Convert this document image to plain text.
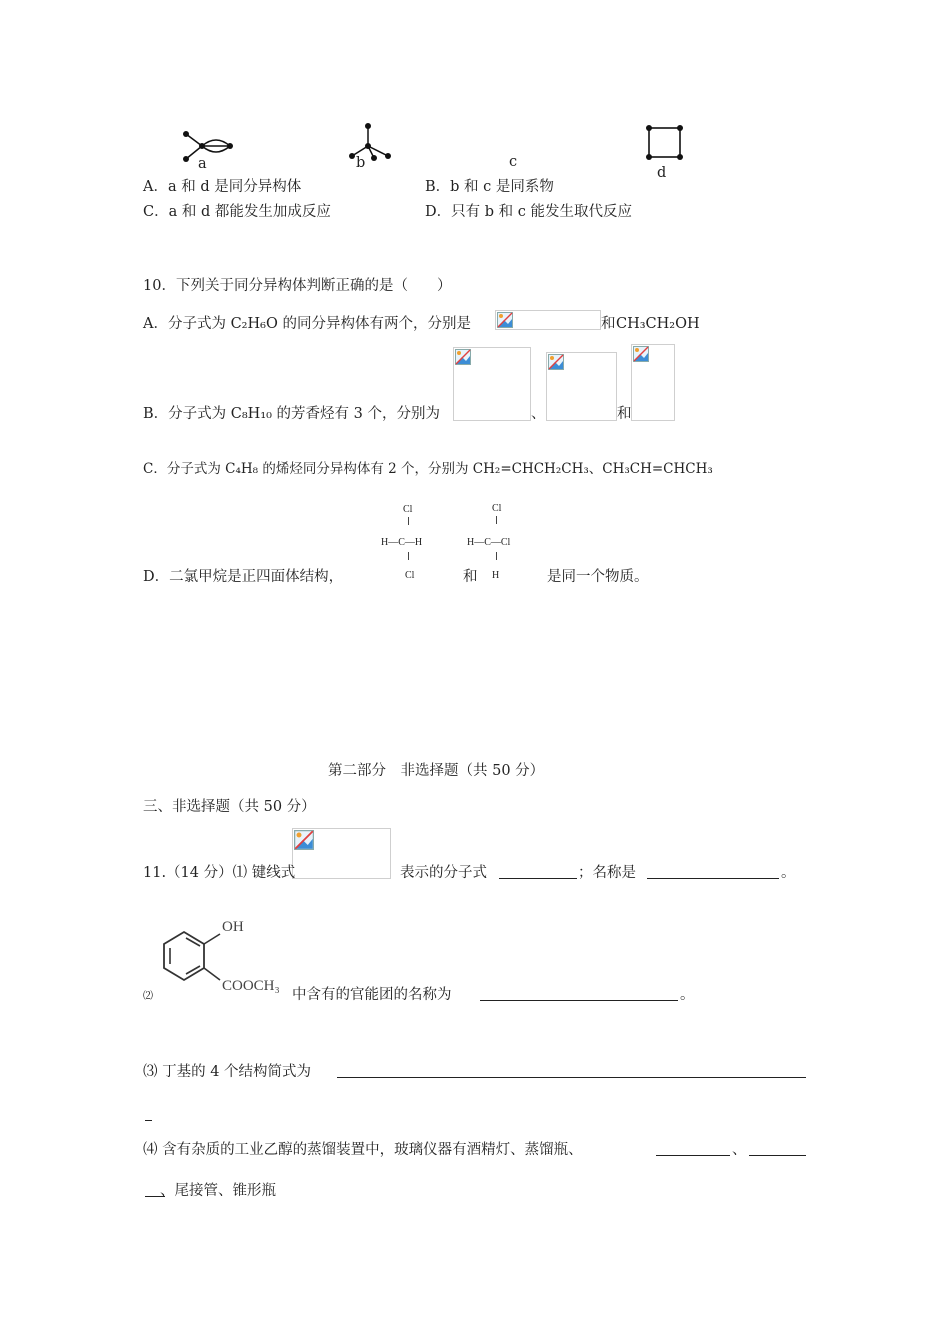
a	b	c
d
A．a 和 d 是同分异构体	B．b 和 c 是同系物
C．a 和 d 都能发生加成反应	D．只有 b 和 c 能发生取代反应
10．下列关于同分异构体判断正确的是（　　）
A．分子式为 C₂H₆O 的同分异构体有两个，分别是	和 CH₃CH₂OH
B．分子式为 C₈H₁₀ 的芳香烃有 3 个，分别为	、	和
C．分子式为 C₄H₈ 的烯烃同分异构体有 2 个，分别为 CH₂=CHCH₂CH₃、CH₃CH=CHCH₃
Cl
H—C—H
Cl
Cl
H—C—Cl
H
D．二氯甲烷是正四面体结构，	和	是同一个物质。
第二部分　非选择题（共 50 分）
三、非选择题（共 50 分）
11.（14 分）⑴ 键线式	表示的分子式	；名称是	。
OH
COOCH₃
⑵	中含有的官能团的名称为	。
⑶ 丁基的 4 个结构简式为
⑷ 含有杂质的工业乙醇的蒸馏装置中，玻璃仪器有酒精灯、蒸馏瓶、	、
、尾接管、锥形瓶
